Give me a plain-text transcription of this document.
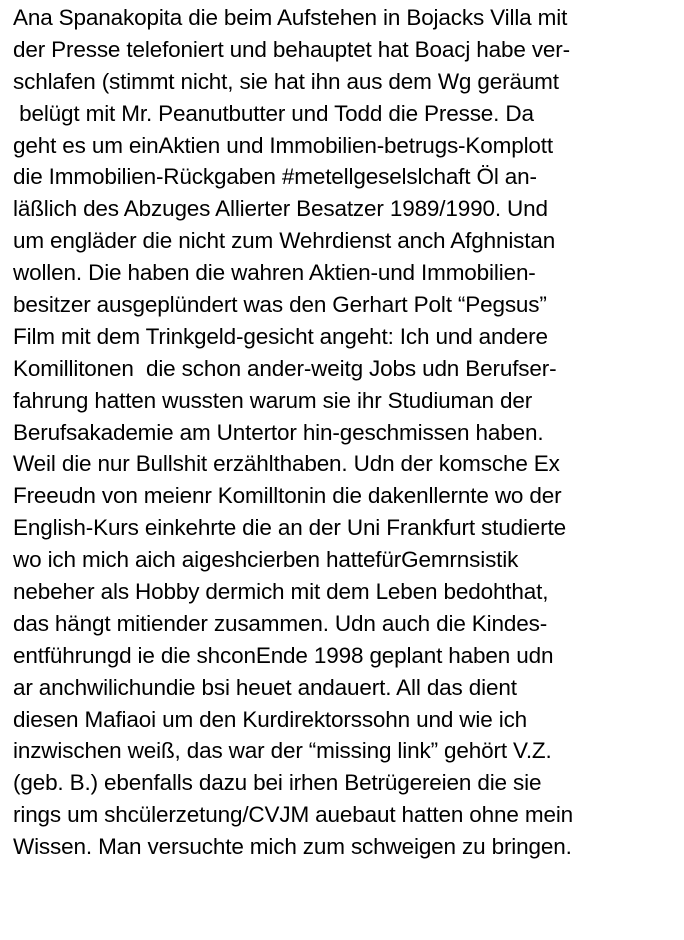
Ana Spanakopita die beim Aufstehen in Bojacks Villa mit
der Presse telefoniert und behauptet hat Boacj habe ver-
schlafen (stimmt nicht, sie hat ihn aus dem Wg geräumt
belügt mit Mr. Peanutbutter und Todd die Presse. Da
geht es um einAktien und Immobilien-betrugs-Komplott
die Immobilien-Rückgaben #metellgeselslchaft Öl an-
läßlich des Abzuges Allierter Besatzer 1989/1990. Und
um engläder die nicht zum Wehrdienst anch Afghnistan
wollen. Die haben die wahren Aktien-und Immobilien-
besitzer ausgeplündert was den Gerhart Polt “Pegsus”
Film mit dem Trinkgeld-gesicht angeht: Ich und andere
Komillitonen  die schon ander-weitg Jobs udn Berufser-
fahrung hatten wussten warum sie ihr Studiuman der
Berufsakademie am Untertor hin-geschmissen haben.
Weil die nur Bullshit erzählthaben. Udn der komsche Ex
Freeudn von meienr Komilltonin die dakenllernte wo der
English-Kurs einkehrte die an der Uni Frankfurt studierte
wo ich mich aich aigeshcierben hattefürGemrnsistik
nebeher als Hobby dermich mit dem Leben bedohthat,
das hängt mitiender zusammen. Udn auch die Kindes-
entführungd ie die shconEnde 1998 geplant haben udn
ar anchwilichundie bsi heuet andauert. All das dient
diesen Mafiaoi um den Kurdirektorssohn und wie ich
inzwischen weiß, das war der “missing link” gehört V.Z.
(geb. B.) ebenfalls dazu bei irhen Betrügereien die sie
rings um shcülerzetung/CVJM auebaut hatten ohne mein
Wissen. Man versuchte mich zum schweigen zu bringen.
